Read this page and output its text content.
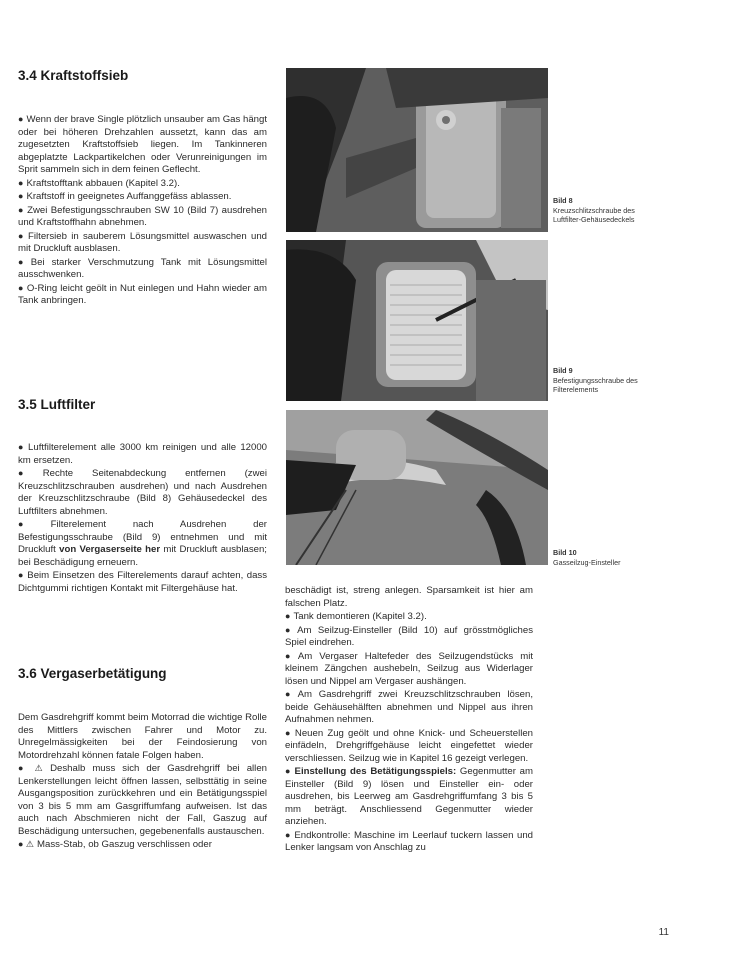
3.4 Kraftstoffsieb

● Wenn der brave Single plötzlich unsauber am Gas hängt oder bei höheren Drehzahlen aussetzt, kann das am zugesetzten Kraftstoffsieb liegen. Im Tankinneren abgeplatzte Lackpartikelchen oder Verunreinigungen im Sprit sammeln sich in dem feinen Geflecht.

● Kraftstofftank abbauen (Kapitel 3.2).

● Kraftstoff in geeignetes Auffanggefäss ablassen.

● Zwei Befestigungsschrauben SW 10 (Bild 7) ausdrehen und Kraftstoffhahn abnehmen.

● Filtersieb in sauberem Lösungsmittel auswaschen und mit Druckluft ausblasen.

● Bei starker Verschmutzung Tank mit Lösungsmittel ausschwenken.

● O-Ring leicht geölt in Nut einlegen und Hahn wieder am Tank anbringen.

3.5 Luftfilter

● Luftfilterelement alle 3000 km reinigen und alle 12000 km ersetzen.

● Rechte Seitenabdeckung entfernen (zwei Kreuzschlitzschrauben ausdrehen) und nach Ausdrehen der Kreuzschlitzschraube (Bild 8) Gehäusedeckel des Luftfilters abnehmen.

● Filterelement nach Ausdrehen der Befestigungsschraube (Bild 9) entnehmen und mit Druckluft von Vergaserseite her mit Druckluft ausblasen; bei Beschädigung erneuern.

● Beim Einsetzen des Filterelements darauf achten, dass Dichtgummi richtigen Kontakt mit Filtergehäuse hat.

3.6 Vergaserbetätigung

Dem Gasdrehgriff kommt beim Motorrad die wichtige Rolle des Mittlers zwischen Fahrer und Motor zu. Unregelmässigkeiten bei der Feindosierung von Motordrehzahl können fatale Folgen haben.

● ⚠ Deshalb muss sich der Gasdrehgriff bei allen Lenkerstellungen leicht öffnen lassen, selbsttätig in seine Ausgangsposition zurückkehren und ein Betätigungsspiel von 3 bis 5 mm am Gasgriffumfang aufweisen. Ist das auch nach Abschmieren nicht der Fall, Gaszug auf Beschädigung untersuchen, gegebenenfalls austauschen.

● ⚠ Mass-Stab, ob Gaszug verschlissen oder

beschädigt ist, streng anlegen. Sparsamkeit ist hier am falschen Platz.

● Tank demontieren (Kapitel 3.2).

● Am Seilzug-Einsteller (Bild 10) auf grösstmögliches Spiel eindrehen.

● Am Vergaser Haltefeder des Seilzugendstücks mit kleinem Zängchen aushebeln, Seilzug aus Widerlager lösen und Nippel am Vergaser aushängen.

● Am Gasdrehgriff zwei Kreuzschlitzschrauben lösen, beide Gehäusehälften abnehmen und Nippel aus ihren Aufnahmen nehmen.

● Neuen Zug geölt und ohne Knick- und Scheuerstellen einfädeln, Drehgriffgehäuse leicht eingefettet wieder verschliessen. Seilzug wie in Kapitel 16 gezeigt verlegen.

● Einstellung des Betätigungsspiels: Gegenmutter am Einsteller (Bild 9) lösen und Einsteller ein- oder ausdrehen, bis Leerweg am Gasdrehgriffumfang 3 bis 5 mm beträgt. Anschliessend Gegenmutter wieder anziehen.

● Endkontrolle: Maschine im Leerlauf tuckern lassen und Lenker langsam von Anschlag zu

Bild 8
Kreuzschlitzschraube des Luftfilter-Gehäusedeckels
Bild 9
Befestigungsschraube des Filterelements
Bild 10
Gasseilzug-Einsteller
11
